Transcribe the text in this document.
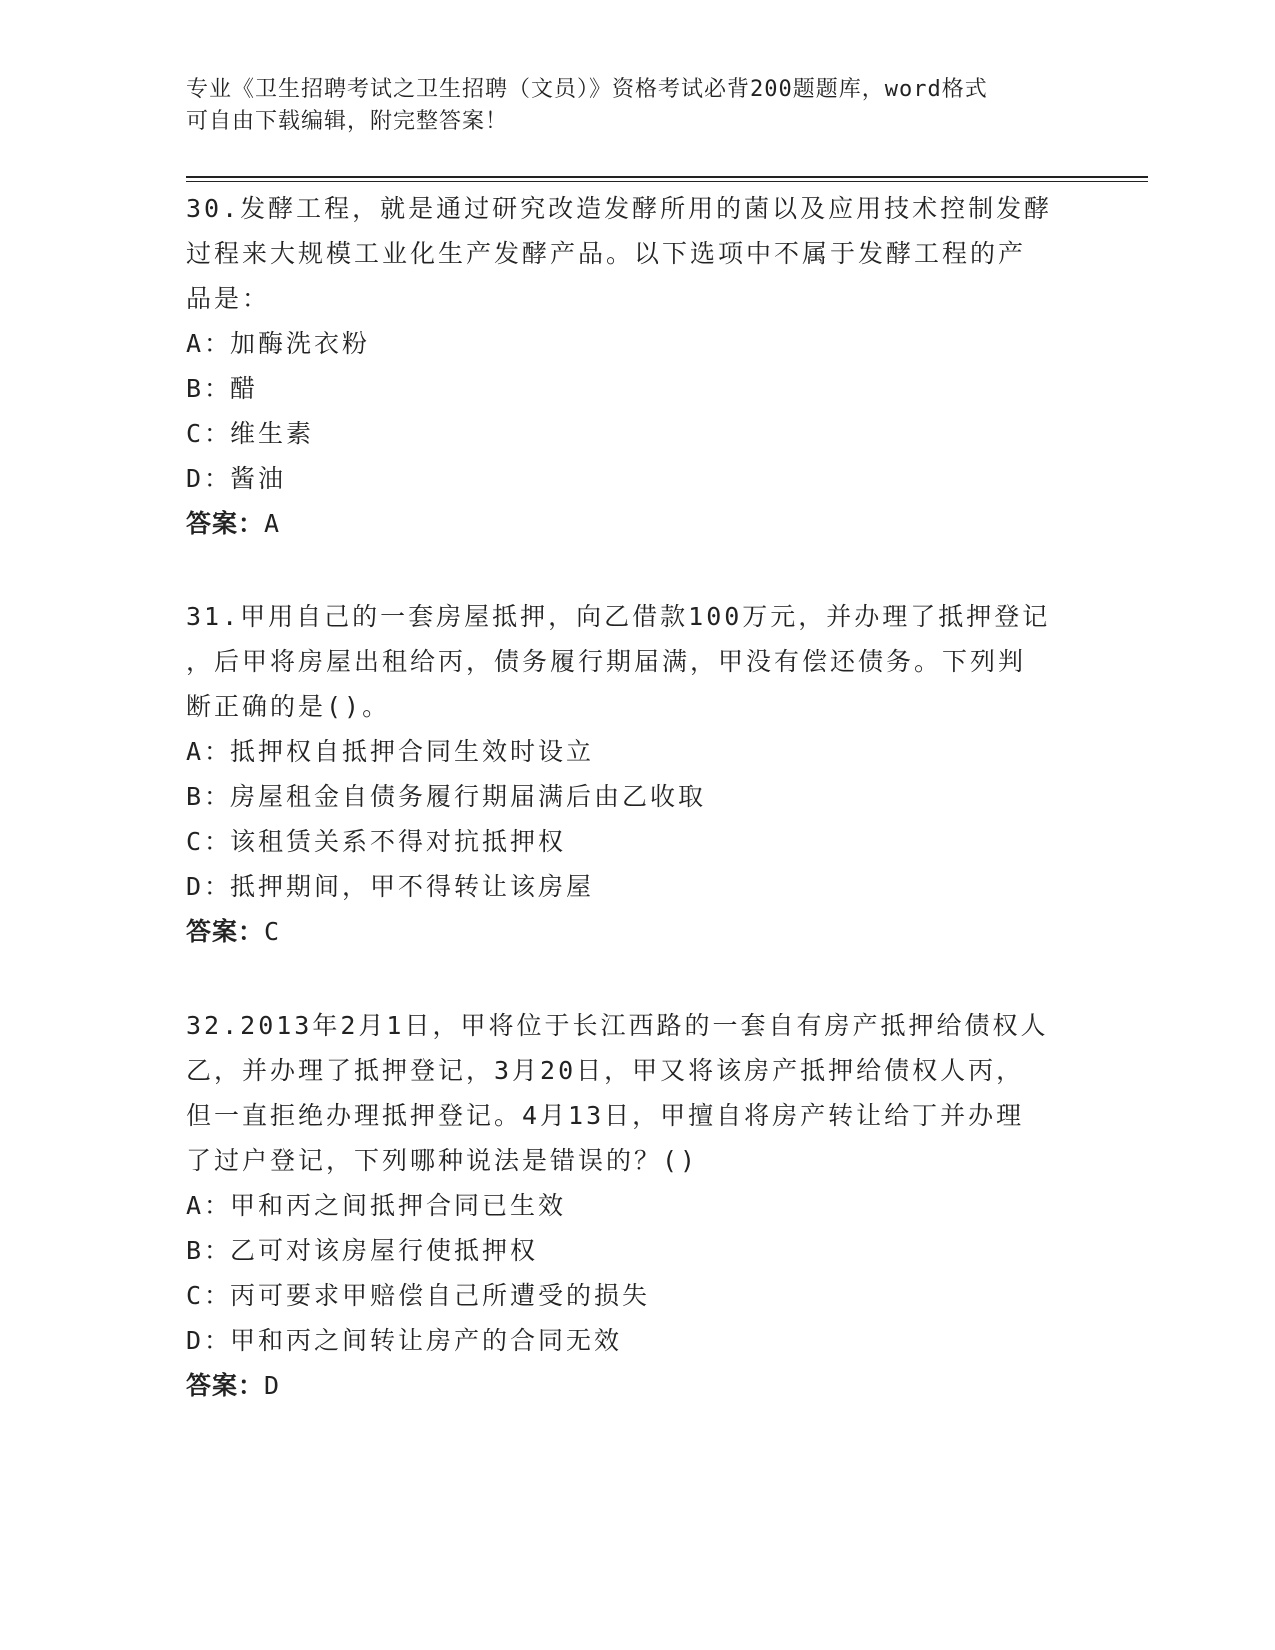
专业《卫生招聘考试之卫生招聘（文员）》资格考试必背200题题库，word格式
可自由下载编辑，附完整答案！
30.发酵工程，就是通过研究改造发酵所用的菌以及应用技术控制发酵
过程来大规模工业化生产发酵产品。以下选项中不属于发酵工程的产
品是：
A：加酶洗衣粉
B：醋
C：维生素
D：酱油
答案：A
31.甲用自己的一套房屋抵押，向乙借款100万元，并办理了抵押登记
，后甲将房屋出租给丙，债务履行期届满，甲没有偿还债务。下列判
断正确的是()。
A：抵押权自抵押合同生效时设立
B：房屋租金自债务履行期届满后由乙收取
C：该租赁关系不得对抗抵押权
D：抵押期间，甲不得转让该房屋
答案：C
32.2013年2月1日，甲将位于长江西路的一套自有房产抵押给债权人
乙，并办理了抵押登记，3月20日，甲又将该房产抵押给债权人丙，
但一直拒绝办理抵押登记。4月13日，甲擅自将房产转让给丁并办理
了过户登记，下列哪种说法是错误的？()
A：甲和丙之间抵押合同已生效
B：乙可对该房屋行使抵押权
C：丙可要求甲赔偿自己所遭受的损失
D：甲和丙之间转让房产的合同无效
答案：D
